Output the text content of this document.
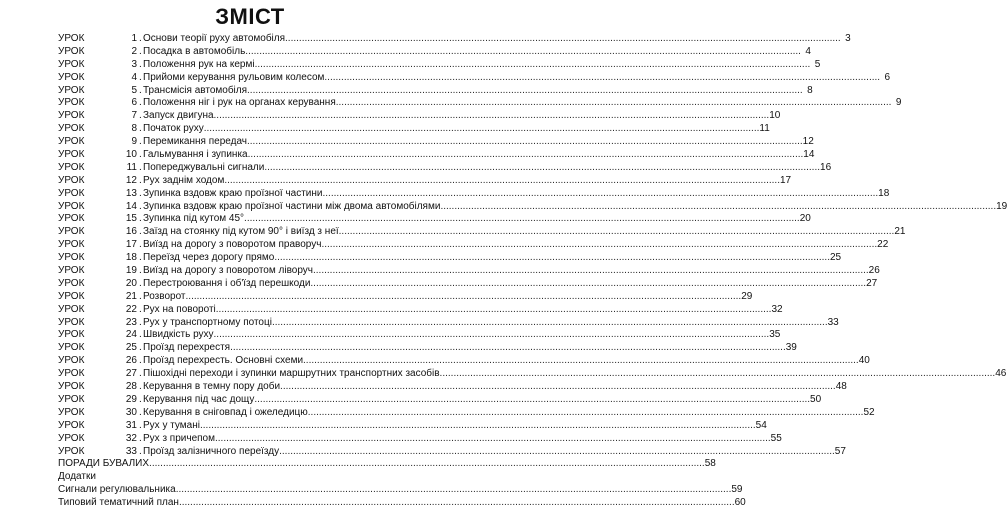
ЗМІСТ
УРОК	1 . Основи теорії руху автомобіля .....	3
УРОК	2 . Посадка в автомобіль .....	4
УРОК	3 . Положення рук на кермі .....	5
УРОК	4 . Прийоми керування рульовим колесом .....	6
УРОК	5 . Трансмісія автомобіля .....	8
УРОК	6 . Положення ніг і рук на органах керування .....	9
УРОК	7 . Запуск двигуна .....	10
УРОК	8 . Початок руху .....	11
УРОК	9 . Перемикання передач .....	12
УРОК	10 . Гальмування і зупинка .....	14
УРОК	11 . Попереджувальні сигнали .....	16
УРОК	12 . Рух заднім ходом .....	17
УРОК	13 . Зупинка вздовж краю проїзної частини .....	18
УРОК	14 . Зупинка вздовж краю проїзної частини між двома автомобілями .....	19
УРОК	15 . Зупинка під кутом 45° .....	20
УРОК	16 . Заїзд на стоянку під кутом 90° і виїзд з неї .....	21
УРОК	17 . Виїзд на дорогу з поворотом праворуч .....	22
УРОК	18 . Переїзд через дорогу прямо .....	25
УРОК	19 . Виїзд на дорогу з поворотом ліворуч .....	26
УРОК	20 . Перестроювання і об'їзд перешкоди .....	27
УРОК	21 . Розворот .....	29
УРОК	22 . Рух на повороті .....	32
УРОК	23 . Рух у транспортному потоці .....	33
УРОК	24 . Швидкість руху .....	35
УРОК	25 . Проїзд перехрестя .....	39
УРОК	26 . Проїзд перехресть. Основні схеми .....	40
УРОК	27 . Пішохідні переходи і зупинки маршрутних транспортних засобів .....	46
УРОК	28 . Керування в темну пору доби .....	48
УРОК	29 . Керування під час дощу .....	50
УРОК	30 . Керування в сніговпад і ожеледицю .....	52
УРОК	31 . Рух у тумані .....	54
УРОК	32 . Рух з причепом .....	55
УРОК	33 . Проїзд залізничного переїзду .....	57
ПОРАДИ БУВАЛИХ .....	58
Додатки
Сигнали регулювальника .....	59
Типовий тематичний план .....	60
